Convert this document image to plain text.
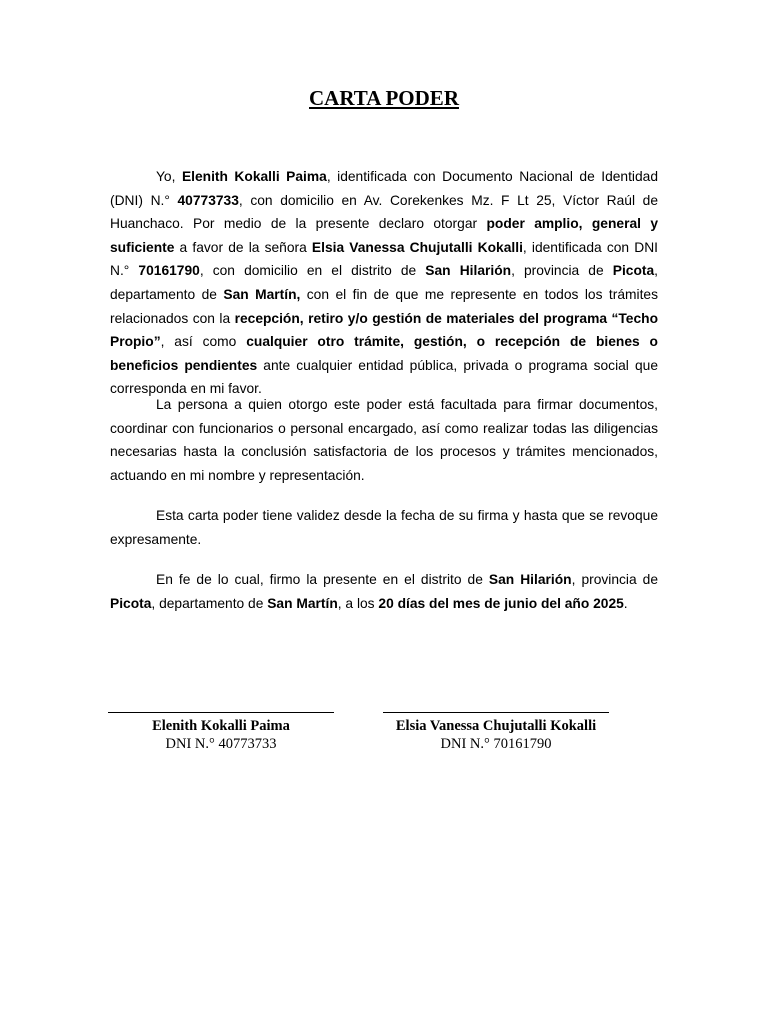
CARTA PODER

Yo, Elenith Kokalli Paima, identificada con Documento Nacional de Identidad (DNI) N.° 40773733, con domicilio en Av. Corekenkes Mz. F Lt 25, Víctor Raúl de Huanchaco. Por medio de la presente declaro otorgar poder amplio, general y suficiente a favor de la señora Elsia Vanessa Chujutalli Kokalli, identificada con DNI N.° 70161790, con domicilio en el distrito de San Hilarión, provincia de Picota, departamento de San Martín, con el fin de que me represente en todos los trámites relacionados con la recepción, retiro y/o gestión de materiales del programa “Techo Propio”, así como cualquier otro trámite, gestión, o recepción de bienes o beneficios pendientes ante cualquier entidad pública, privada o programa social que corresponda en mi favor.

La persona a quien otorgo este poder está facultada para firmar documentos, coordinar con funcionarios o personal encargado, así como realizar todas las diligencias necesarias hasta la conclusión satisfactoria de los procesos y trámites mencionados, actuando en mi nombre y representación.

Esta carta poder tiene validez desde la fecha de su firma y hasta que se revoque expresamente.

En fe de lo cual, firmo la presente en el distrito de San Hilarión, provincia de Picota, departamento de San Martín, a los 20 días del mes de junio del año 2025.

Elenith Kokalli Paima
DNI N.° 40773733
Elsia Vanessa Chujutalli Kokalli
DNI N.° 70161790
